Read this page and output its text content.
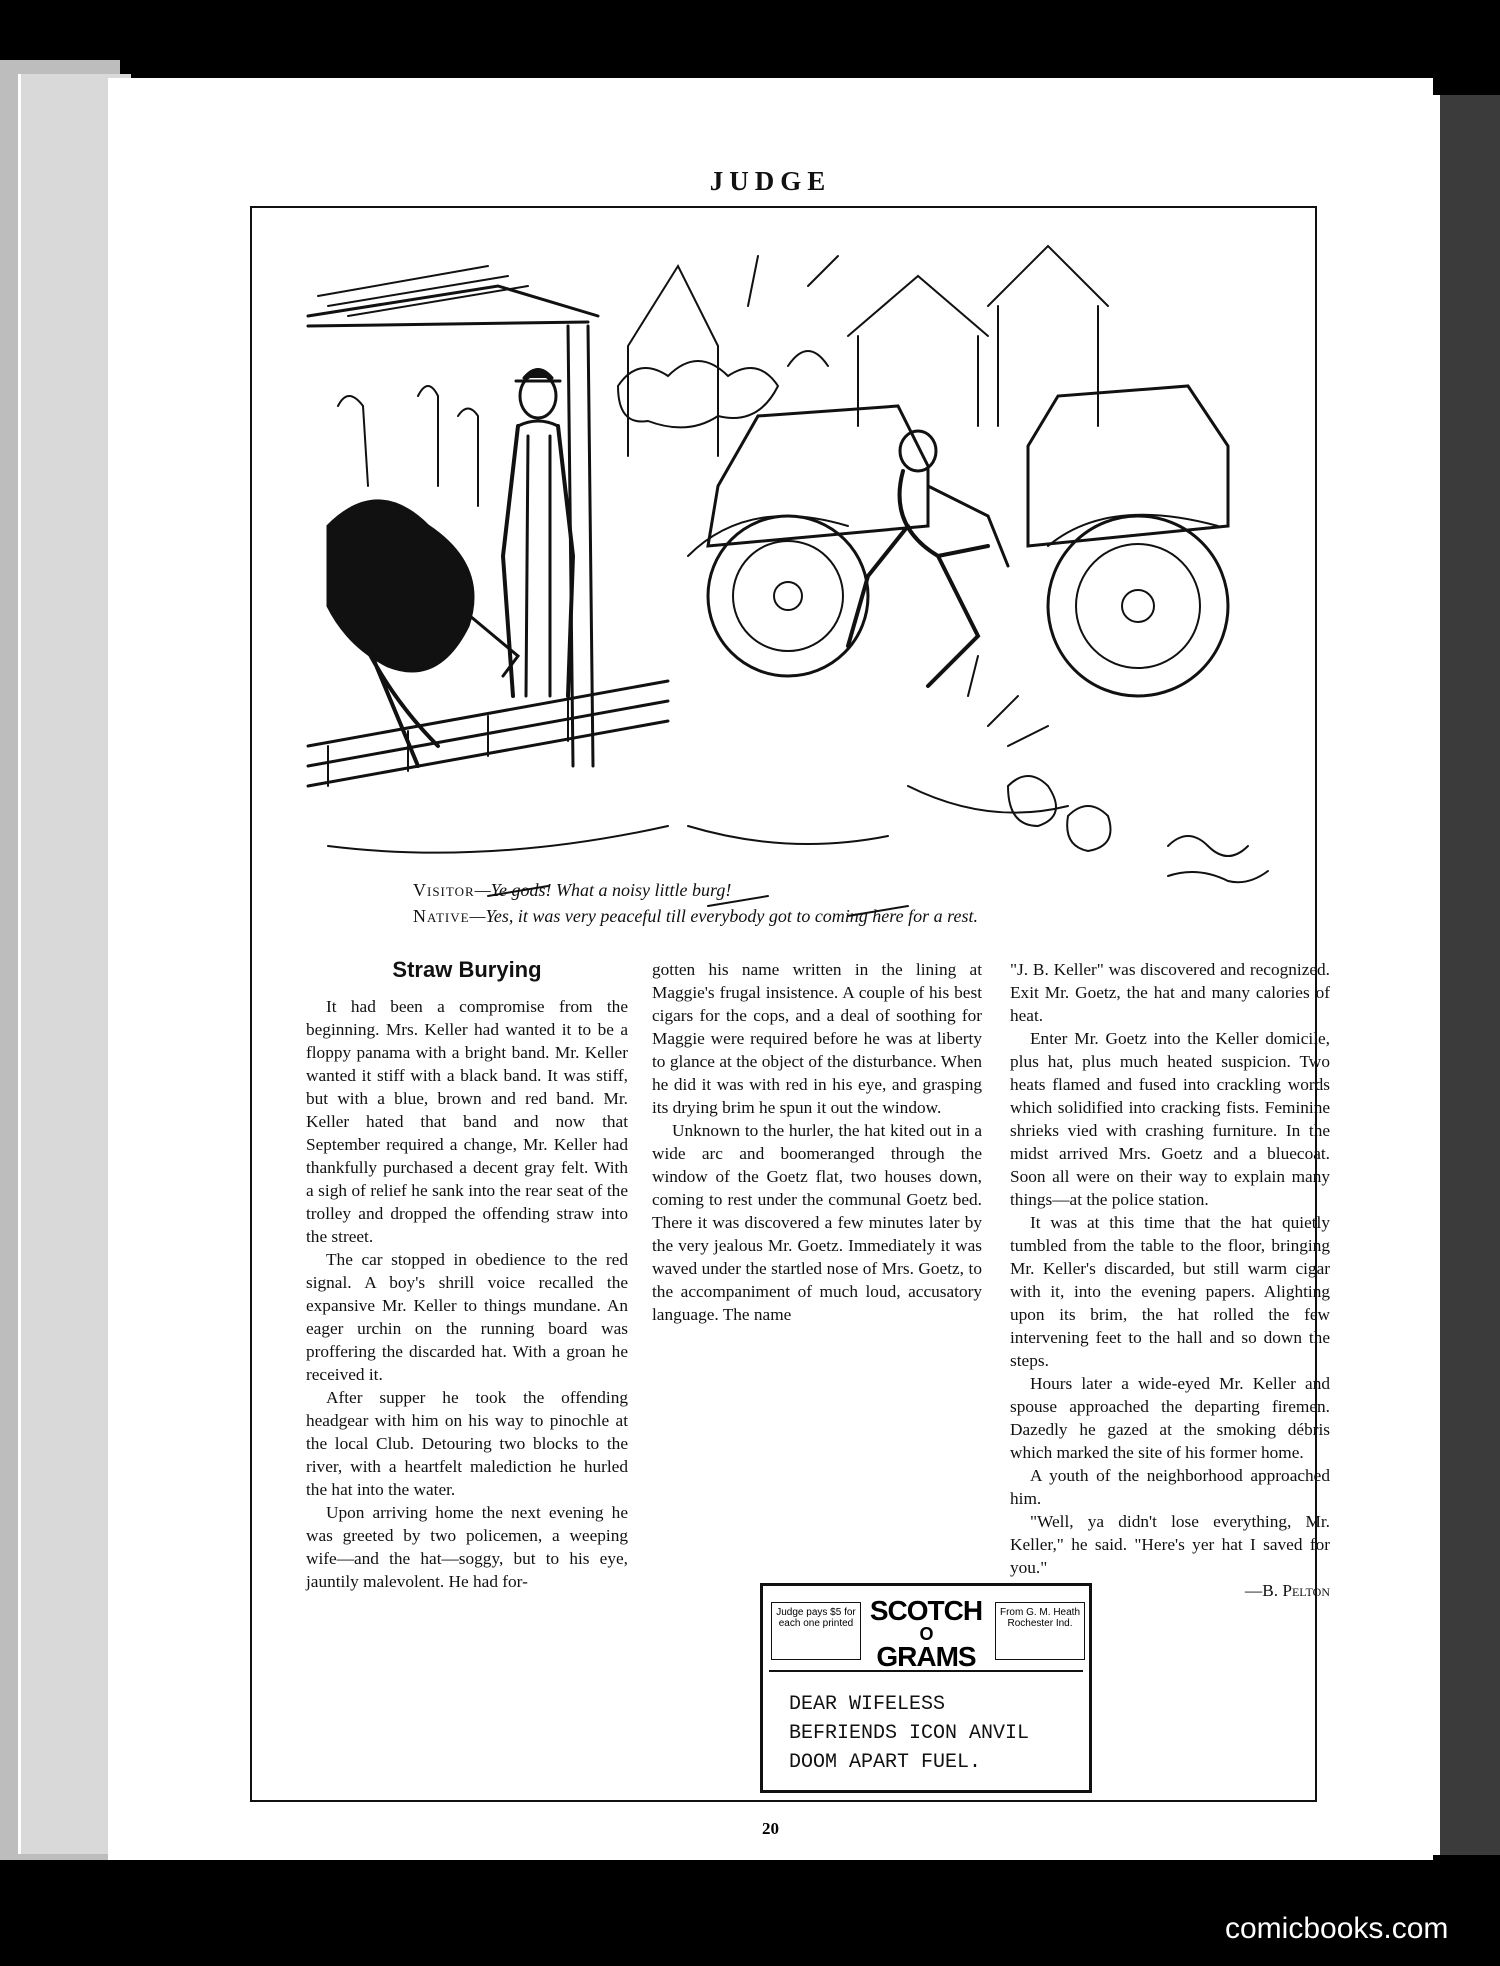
JUDGE
Visitor—Ye gods! What a noisy little burg!
Native—Yes, it was very peaceful till everybody got to coming here for a rest.
Straw Burying

It had been a compromise from the beginning. Mrs. Keller had wanted it to be a floppy panama with a bright band. Mr. Keller wanted it stiff with a black band. It was stiff, but with a blue, brown and red band. Mr. Keller hated that band and now that September required a change, Mr. Keller had thankfully purchased a decent gray felt. With a sigh of relief he sank into the rear seat of the trolley and dropped the offending straw into the street.

The car stopped in obedience to the red signal. A boy's shrill voice recalled the expansive Mr. Keller to things mundane. An eager urchin on the running board was proffering the discarded hat. With a groan he received it.

After supper he took the offending headgear with him on his way to pinochle at the local Club. Detouring two blocks to the river, with a heartfelt malediction he hurled the hat into the water.

Upon arriving home the next evening he was greeted by two policemen, a weeping wife—and the hat—soggy, but to his eye, jauntily malevolent. He had for-

gotten his name written in the lining at Maggie's frugal insistence. A couple of his best cigars for the cops, and a deal of soothing for Maggie were required before he was at liberty to glance at the object of the disturbance. When he did it was with red in his eye, and grasping its drying brim he spun it out the window.

Unknown to the hurler, the hat kited out in a wide arc and boomeranged through the window of the Goetz flat, two houses down, coming to rest under the communal Goetz bed. There it was discovered a few minutes later by the very jealous Mr. Goetz. Immediately it was waved under the startled nose of Mrs. Goetz, to the accompaniment of much loud, accusatory language. The name

"J. B. Keller" was discovered and recognized. Exit Mr. Goetz, the hat and many calories of heat.

Enter Mr. Goetz into the Keller domicile, plus hat, plus much heated suspicion. Two heats flamed and fused into crackling words which solidified into cracking fists. Feminine shrieks vied with crashing furniture. In the midst arrived Mrs. Goetz and a bluecoat. Soon all were on their way to explain many things—at the police station.

It was at this time that the hat quietly tumbled from the table to the floor, bringing Mr. Keller's discarded, but still warm cigar with it, into the evening papers. Alighting upon its brim, the hat rolled the few intervening feet to the hall and so down the steps.

Hours later a wide-eyed Mr. Keller and spouse approached the departing firemen. Dazedly he gazed at the smoking débris which marked the site of his former home.

A youth of the neighborhood approached him.

"Well, ya didn't lose everything, Mr. Keller," he said. "Here's yer hat I saved for you."

—B. Pelton
Judge pays $5 for each one printed SCOTCH
O
GRAMS
From G. M. Heath Rochester Ind.
DEAR WIFELESS
BEFRIENDS ICON ANVIL
DOOM APART FUEL.
20
comicbooks.com
